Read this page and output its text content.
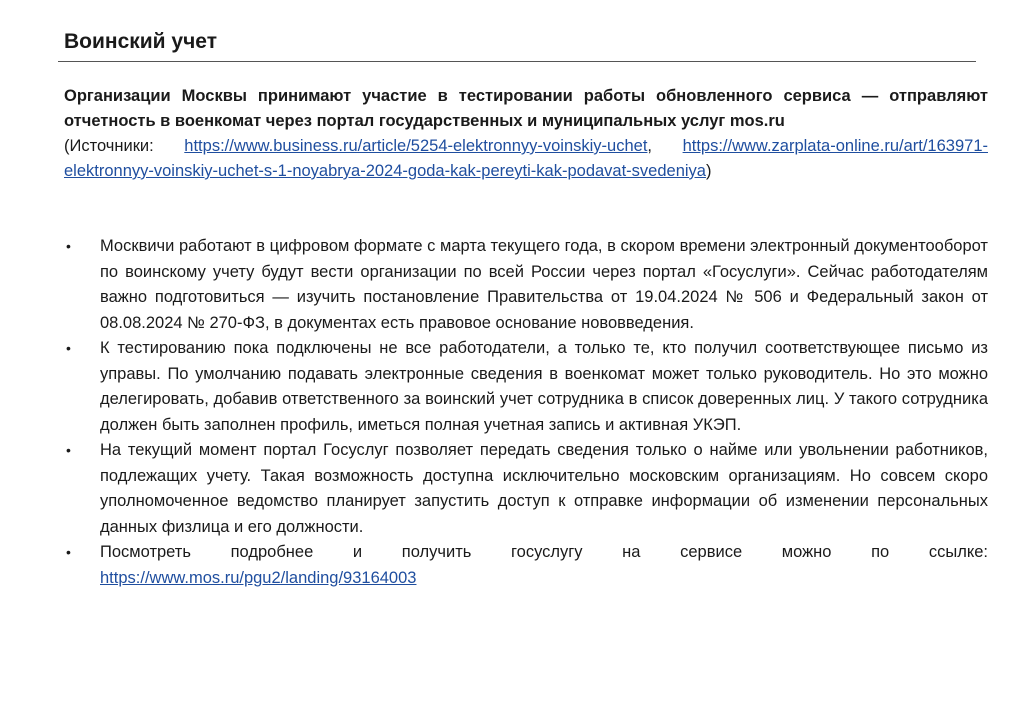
Воинский учет

Организации Москвы принимают участие в тестировании работы обновленного сервиса — отправляют отчетность в военкомат через портал государственных и муниципальных услуг mos.ru
(Источники: https://www.business.ru/article/5254-elektronnyy-voinskiy-uchet, https://www.zarplata-online.ru/art/163971-elektronnyy-voinskiy-uchet-s-1-noyabrya-2024-goda-kak-pereyti-kak-podavat-svedeniya)

• Москвичи работают в цифровом формате с марта текущего года, в скором времени электронный документооборот по воинскому учету будут вести организации по всей России через портал «Госуслуги». Сейчас работодателям важно подготовиться — изучить постановление Правительства от 19.04.2024 № 506 и Федеральный закон от 08.08.2024 № 270-ФЗ, в документах есть правовое основание нововведения.
• К тестированию пока подключены не все работодатели, а только те, кто получил соответствующее письмо из управы. По умолчанию подавать электронные сведения в военкомат может только руководитель. Но это можно делегировать, добавив ответственного за воинский учет сотрудника в список доверенных лиц. У такого сотрудника должен быть заполнен профиль, иметься полная учетная запись и активная УКЭП.
• На текущий момент портал Госуслуг позволяет передать сведения только о найме или увольнении работников, подлежащих учету. Такая возможность доступна исключительно московским организациям. Но совсем скоро уполномоченное ведомство планирует запустить доступ к отправке информации об изменении персональных данных физлица и его должности.
• Посмотреть подробнее и получить госуслугу на сервисе можно по ссылке: https://www.mos.ru/pgu2/landing/93164003
